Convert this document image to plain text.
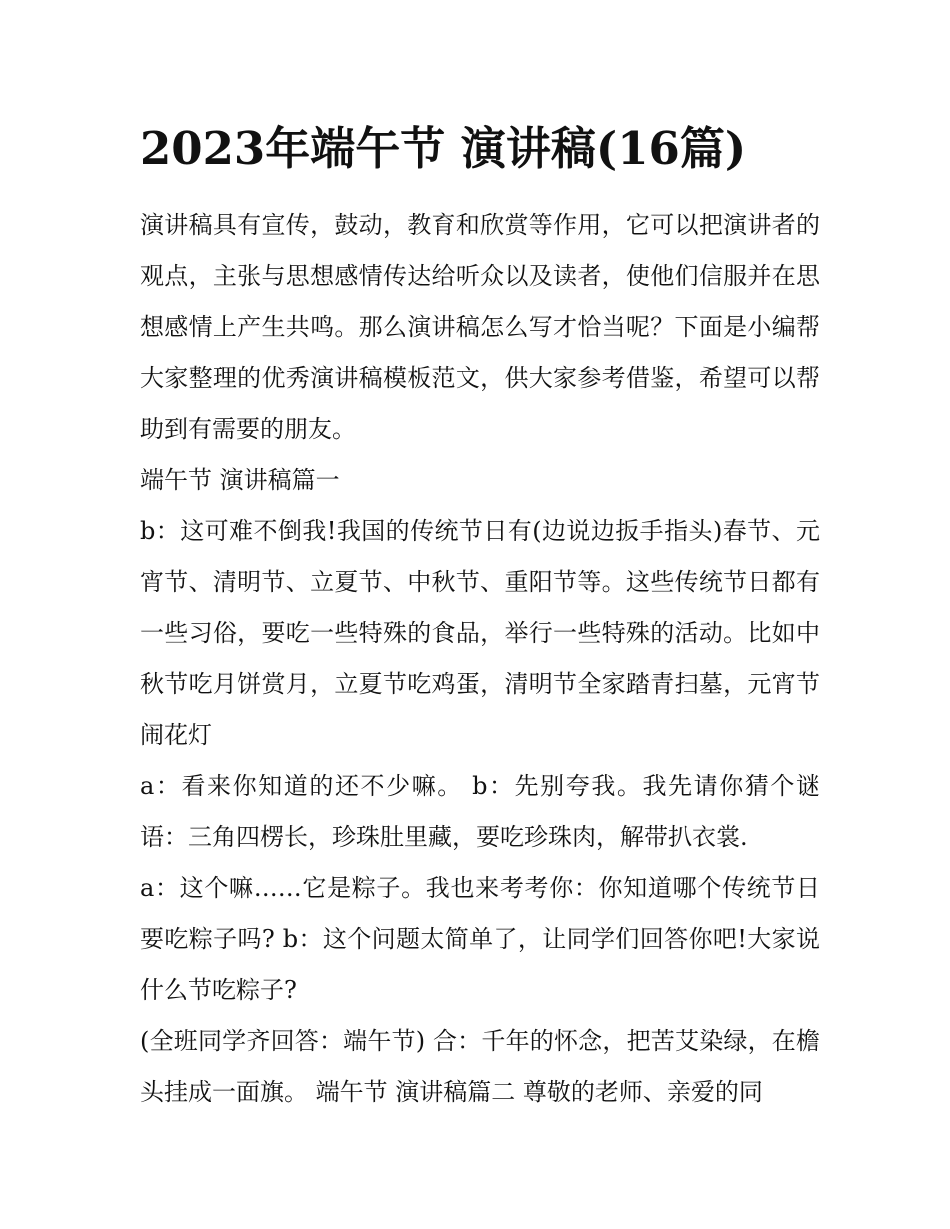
2023年端午节 演讲稿(16篇)

演讲稿具有宣传，鼓动，教育和欣赏等作用，它可以把演讲者的观点，主张与思想感情传达给听众以及读者，使他们信服并在思想感情上产生共鸣。那么演讲稿怎么写才恰当呢？下面是小编帮大家整理的优秀演讲稿模板范文，供大家参考借鉴，希望可以帮助到有需要的朋友。

端午节 演讲稿篇一

b：这可难不倒我!我国的传统节日有(边说边扳手指头)春节、元宵节、清明节、立夏节、中秋节、重阳节等。这些传统节日都有一些习俗，要吃一些特殊的食品，举行一些特殊的活动。比如中秋节吃月饼赏月，立夏节吃鸡蛋，清明节全家踏青扫墓，元宵节闹花灯

a：看来你知道的还不少嘛。 b：先别夸我。我先请你猜个谜语：三角四楞长，珍珠肚里藏，要吃珍珠肉，解带扒衣裳.

a：这个嘛……它是粽子。我也来考考你：你知道哪个传统节日要吃粽子吗? b：这个问题太简单了，让同学们回答你吧!大家说什么节吃粽子?

(全班同学齐回答：端午节) 合：千年的怀念，把苦艾染绿，在檐头挂成一面旗。 端午节 演讲稿篇二 尊敬的老师、亲爱的同
